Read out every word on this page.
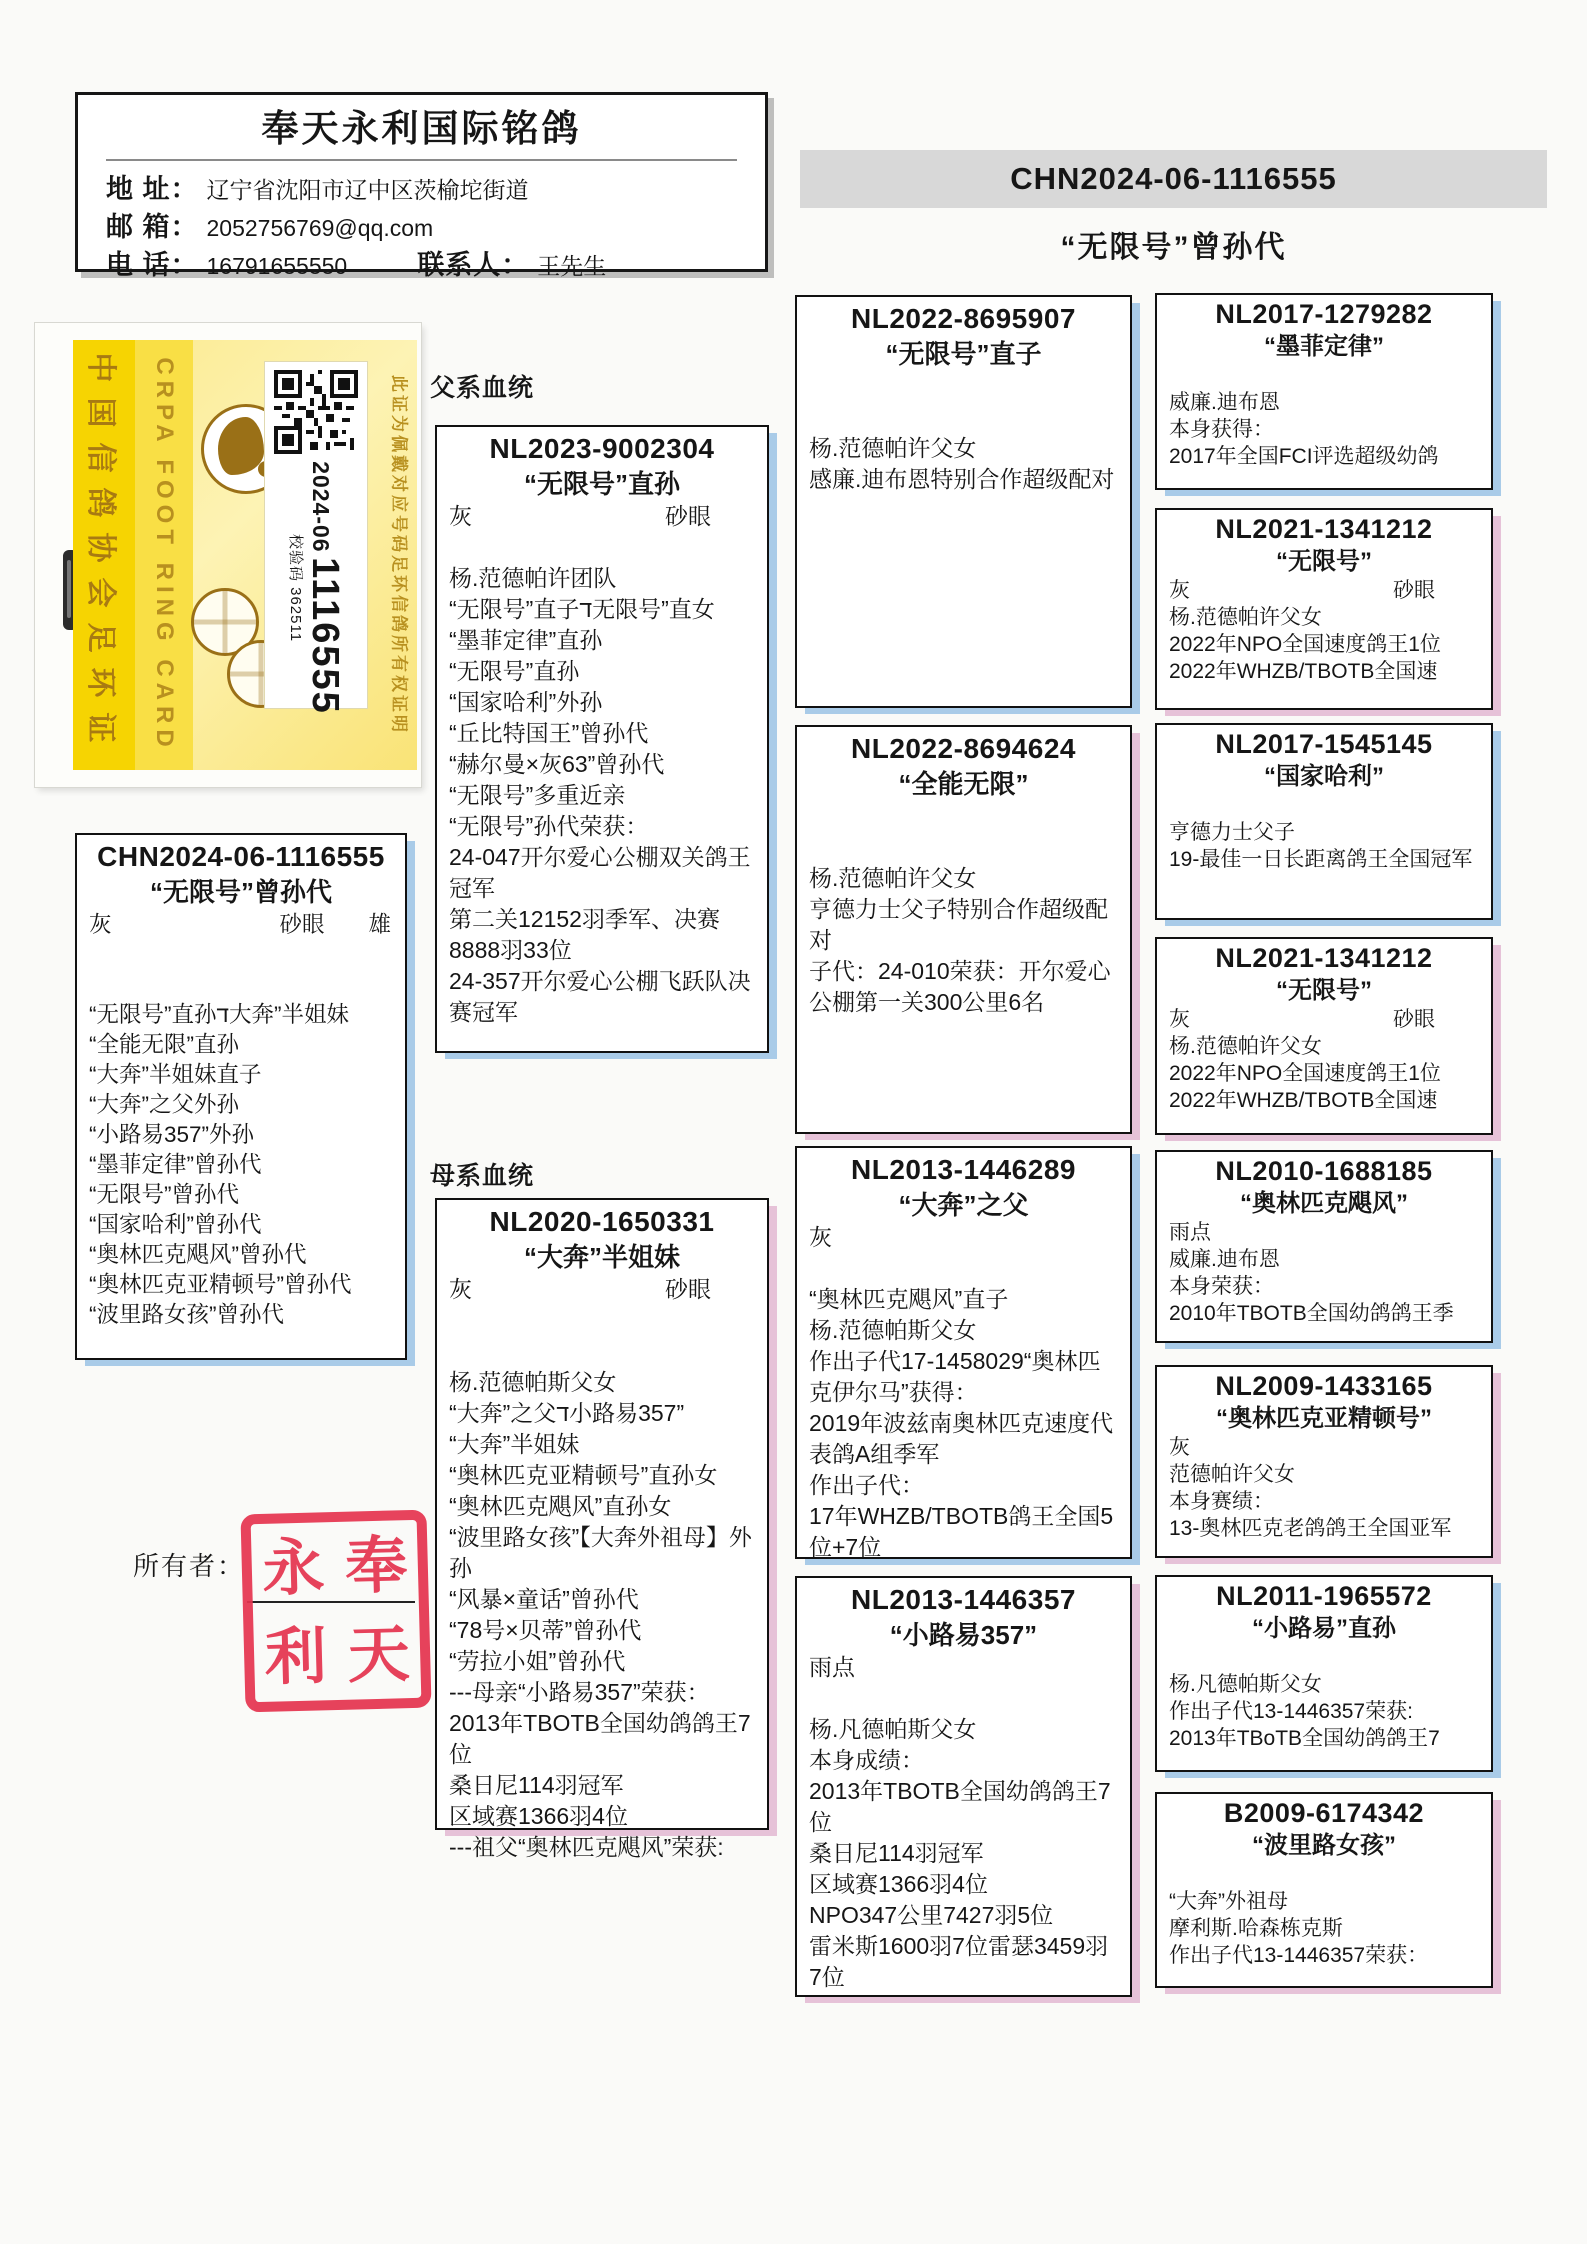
奉天永利国际铭鸽
地 址： 辽宁省沈阳市辽中区茨榆坨街道
邮 箱： 2052756769@qq.com
电 话： 16791655550	联系人： 王先生
CHN2024-06-1116555
“无限号”曾孙代
中国信鸽协会足环证	CRPA FOOT RING CARD	2024-06 1116555
校验码 362511	此证为佩戴对应号码足环信鸽所有权证明
CHN2024-06-1116555
“无限号”曾孙代
灰	砂眼 雄

“无限号”直孙ד大奔”半姐妹
“全能无限”直孙
“大奔”半姐妹直子
“大奔”之父外孙
“小路易357”外孙
“墨菲定律”曾孙代
“无限号”曾孙代
“国家哈利”曾孙代
“奥林匹克飓风”曾孙代
“奥林匹克亚精顿号”曾孙代
“波里路女孩”曾孙代
所有者： 永 奉
利 天
父系血统
母系血统
NL2023-9002304
“无限号”直孙
灰	砂眼

杨.范德帕许团队
“无限号”直子ד无限号”直女
“墨菲定律”直孙
“无限号”直孙
“国家哈利”外孙
“丘比特国王”曾孙代
“赫尔曼×灰63”曾孙代
“无限号”多重近亲
“无限号”孙代荣获：
24-047开尔爱心公棚双关鸽王冠军
第二关12152羽季军、决赛8888羽33位
24-357开尔爱心公棚飞跃队决赛冠军
NL2020-1650331
“大奔”半姐妹
灰	砂眼

杨.范德帕斯父女
“大奔”之父ד小路易357”
“大奔”半姐妹
“奥林匹克亚精顿号”直孙女
“奥林匹克飓风”直孙女
“波里路女孩”【大奔外祖母】外孙
“风暴×童话”曾孙代
“78号×贝蒂”曾孙代
“劳拉小姐”曾孙代
---母亲“小路易357”荣获：
2013年TBOTB全国幼鸽鸽王7位
桑日尼114羽冠军
区域赛1366羽4位
---祖父“奥林匹克飓风”荣获:
NL2022-8695907
“无限号”直子

杨.范德帕许父女
感廉.迪布恩特别合作超级配对
NL2022-8694624
“全能无限”

杨.范德帕许父女
亨德力士父子特别合作超级配对
子代：24-010荣获：开尔爱心公棚第一关300公里6名
NL2013-1446289
“大奔”之父
灰

“奥林匹克飓风”直子
杨.范德帕斯父女
作出子代17-1458029“奥林匹克伊尔马”获得：
2019年波兹南奥林匹克速度代表鸽A组季军
作出子代：
17年WHZB/TBOTB鸽王全国5位+7位
NL2013-1446357
“小路易357”
雨点

杨.凡德帕斯父女
本身成绩：
2013年TBOTB全国幼鸽鸽王7位
桑日尼114羽冠军
区域赛1366羽4位
NPO347公里7427羽5位
雷米斯1600羽7位雷瑟3459羽7位
NL2017-1279282
“墨菲定律”

威廉.迪布恩
本身获得：
2017年全国FCI评选超级幼鸽
NL2021-1341212
“无限号”
灰	砂眼
杨.范德帕许父女
2022年NPO全国速度鸽王1位
2022年WHZB/TBOTB全国速
NL2017-1545145
“国家哈利”

亨德力士父子
19-最佳一日长距离鸽王全国冠军
NL2021-1341212
“无限号”
灰	砂眼
杨.范德帕许父女
2022年NPO全国速度鸽王1位
2022年WHZB/TBOTB全国速
NL2010-1688185
“奥林匹克飓风”
雨点
威廉.迪布恩
本身荣获：
2010年TBOTB全国幼鸽鸽王季
NL2009-1433165
“奥林匹克亚精顿号”
灰
范德帕许父女
本身赛绩：
13-奥林匹克老鸽鸽王全国亚军
NL2011-1965572
“小路易”直孙

杨.凡德帕斯父女
作出子代13-1446357荣获:
2013年TBoTB全国幼鸽鸽王7
B2009-6174342
“波里路女孩”

“大奔”外祖母
摩利斯.哈森栋克斯
作出子代13-1446357荣获：
